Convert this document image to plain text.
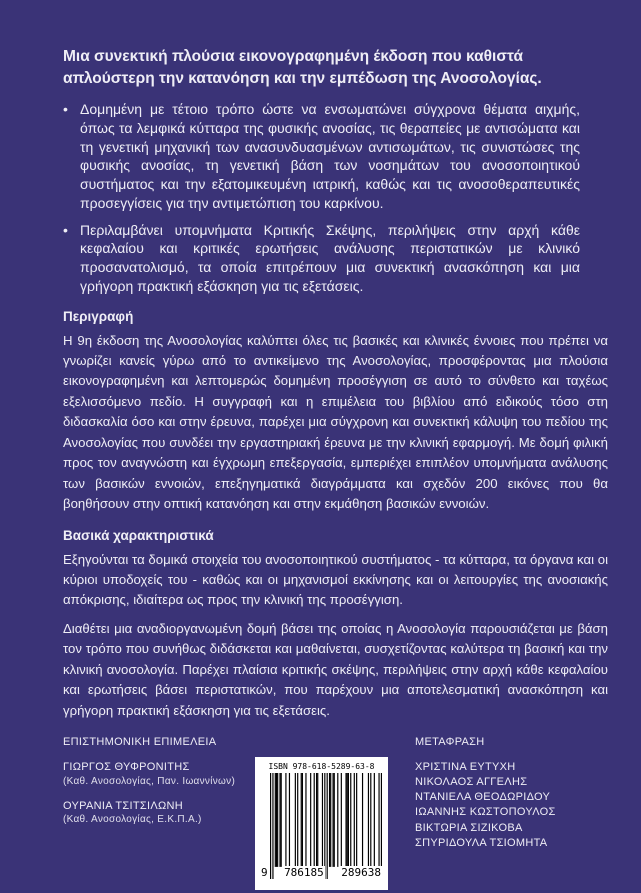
Μια συνεκτική πλούσια εικονογραφημένη έκδοση που καθιστά απλούστερη την κατανόηση και την εμπέδωση της Ανοσολογίας.

• Δομημένη με τέτοιο τρόπο ώστε να ενσωματώνει σύγχρονα θέματα αιχμής, όπως τα λεμφικά κύτταρα της φυσικής ανοσίας, τις θεραπείες με αντισώματα και τη γενετική μηχανική των ανασυνδυασμένων αντισωμάτων, τις συνιστώσες της φυσικής ανοσίας, τη γενετική βάση των νοσημάτων του ανοσοποιητικού συστήματος και την εξατομικευμένη ιατρική, καθώς και τις ανοσοθεραπευτικές προσεγγίσεις για την αντιμετώπιση του καρκίνου.
• Περιλαμβάνει υπομνήματα Κριτικής Σκέψης, περιλήψεις στην αρχή κάθε κεφαλαίου και κριτικές ερωτήσεις ανάλυσης περιστατικών με κλινικό προσανατολισμό, τα οποία επιτρέπουν μια συνεκτική ανασκόπηση και μια γρήγορη πρακτική εξάσκηση για τις εξετάσεις.
Περιγραφή

Η 9η έκδοση της Ανοσολογίας καλύπτει όλες τις βασικές και κλινικές έννοιες που πρέπει να γνωρίζει κανείς γύρω από το αντικείμενο της Ανοσολογίας, προσφέροντας μια πλούσια εικονογραφημένη και λεπτομερώς δομημένη προσέγγιση σε αυτό το σύνθετο και ταχέως εξελισσόμενο πεδίο. Η συγγραφή και η επιμέλεια του βιβλίου από ειδικούς τόσο στη διδασκαλία όσο και στην έρευνα, παρέχει μια σύγχρονη και συνεκτική κάλυψη του πεδίου της Ανοσολογίας που συνδέει την εργαστηριακή έρευνα με την κλινική εφαρμογή. Με δομή φιλική προς τον αναγνώστη και έγχρωμη επεξεργασία, εμπεριέχει επιπλέον υπομνήματα ανάλυσης των βασικών εννοιών, επεξηγηματικά διαγράμματα και σχεδόν 200 εικόνες που θα βοηθήσουν στην οπτική κατανόηση και στην εκμάθηση βασικών εννοιών.

Βασικά χαρακτηριστικά

Εξηγούνται τα δομικά στοιχεία του ανοσοποιητικού συστήματος - τα κύτταρα, τα όργανα και οι κύριοι υποδοχείς του - καθώς και οι μηχανισμοί εκκίνησης και οι λειτουργίες της ανοσιακής απόκρισης, ιδιαίτερα ως προς την κλινική της προσέγγιση.

Διαθέτει μια αναδιοργανωμένη δομή βάσει της οποίας η Ανοσολογία παρουσιάζεται με βάση τον τρόπο που συνήθως διδάσκεται και μαθαίνεται, συσχετίζοντας καλύτερα τη βασική και την κλινική ανοσολογία. Παρέχει πλαίσια κριτικής σκέψης, περιλήψεις στην αρχή κάθε κεφαλαίου και ερωτήσεις βάσει περιστατικών, που παρέχουν μια αποτελεσματική ανασκόπηση και γρήγορη πρακτική εξάσκηση για τις εξετάσεις.

ΕΠΙΣΤΗΜΟΝΙΚΗ ΕΠΙΜΕΛΕΙΑ

ΓΙΩΡΓΟΣ ΘΥΦΡΟΝΙΤΗΣ
(Καθ. Ανοσολογίας, Παν. Ιωαννίνων)
ΟΥΡΑΝΙΑ ΤΣΙΤΣΙΛΩΝΗ
(Καθ. Ανοσολογίας, Ε.Κ.Π.Α.)

ΜΕΤΑΦΡΑΣΗ

ΧΡΙΣΤΙΝΑ ΕΥΤΥΧΗ
ΝΙΚΟΛΑΟΣ ΑΓΓΕΛΗΣ
ΝΤΑΝΙΕΛΑ ΘΕΟΔΩΡΙΔΟΥ
ΙΩΑΝΝΗΣ ΚΩΣΤΟΠΟΥΛΟΣ
ΒΙΚΤΩΡΙΑ ΣΙΖΙΚΟΒΑ
ΣΠΥΡΙΔΟΥΛΑ ΤΣΙΟΜΗΤΑ
ISBN 978-618-5289-63-8
9 786185 289638
